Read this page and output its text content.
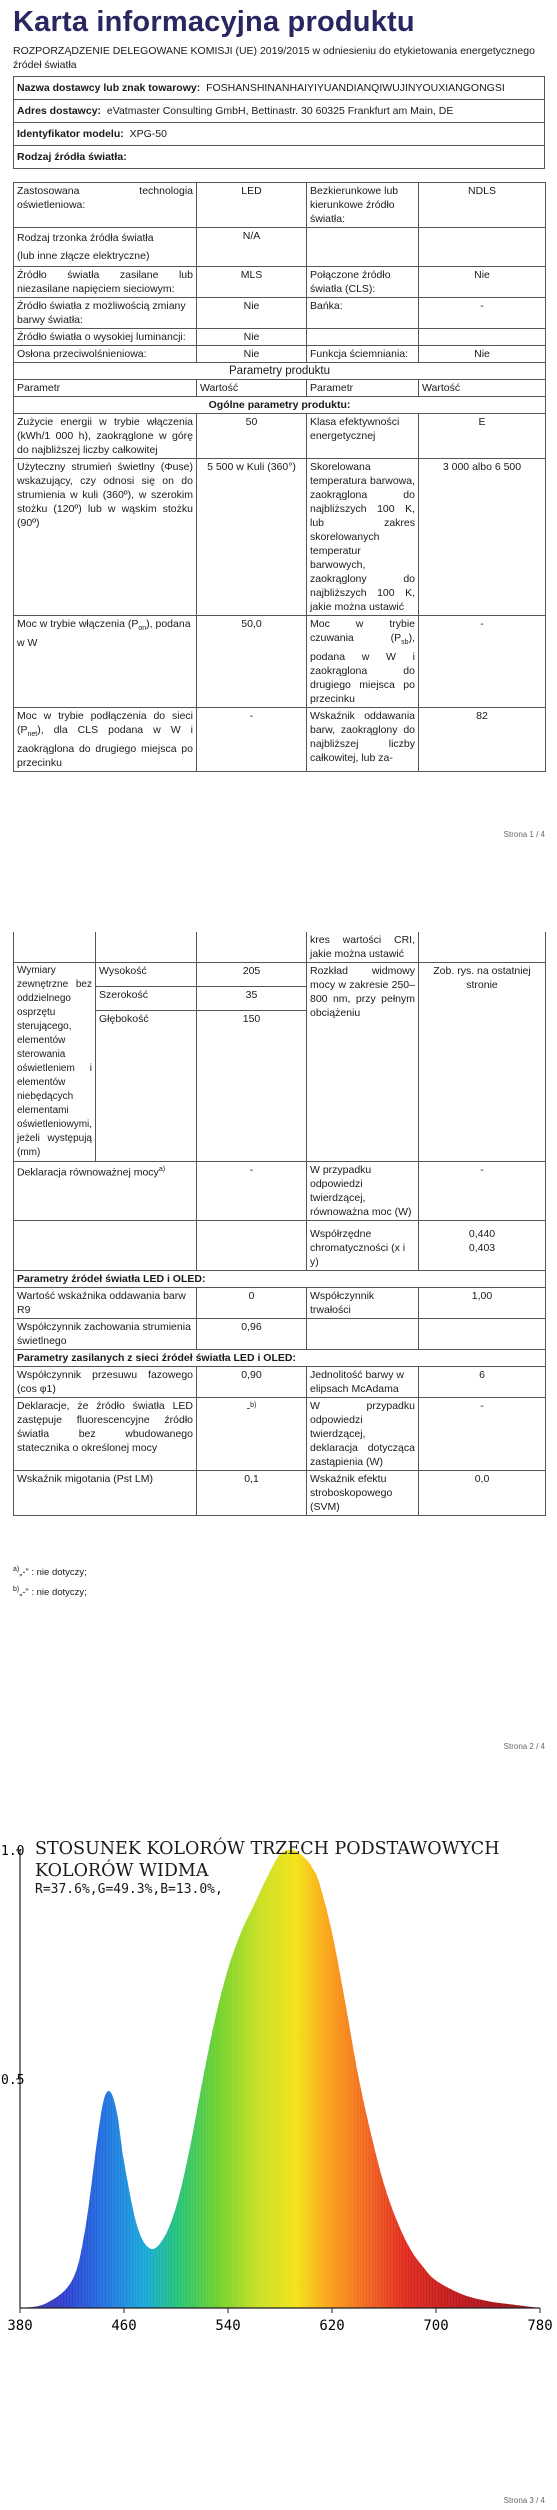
Karta informacyjna produktu
ROZPORZĄDZENIE DELEGOWANE KOMISJI (UE) 2019/2015 w odniesieniu do etykietowania energetycznego źródeł światła
Nazwa dostawcy lub znak towarowy: FOSHANSHINANHAIYIYUANDIANQIWUJINYOUXIANGONGSI
Adres dostawcy: eVatmaster Consulting GmbH, Bettinastr. 30 60325 Frankfurt am Main, DE
Identyfikator modelu: XPG-50
Rodzaj źródła światła:
Zastosowana technologia oświetleniowa:	LED	Bezkierunkowe lub kierunkowe źródło światła:	NDLS

Rodzaj trzonka źródła światła
(lub inne złącze elektryczne)	N/A		
Źródło światła zasilane lub niezasilane napięciem sieciowym:	MLS	Połączone źródło światła (CLS):	Nie
Źródło światła z możliwością zmiany barwy światła:	Nie	Bańka:	-
Źródło światła o wysokiej luminancji:	Nie		
Osłona przeciwolśnieniowa:	Nie	Funkcja ściemniania:	Nie
Parametry produktu			
Parametr	Wartość	Parametr	Wartość
Ogólne parametry produktu:			
Zużycie energii w trybie włączenia (kWh/1 000 h), zaokrąglone w górę do najbliższej liczby całkowitej	50	Klasa efektywności energetycznej	E
Użyteczny strumień świetlny (Φuse) wskazujący, czy odnosi się on do strumienia w kuli (360º), w szerokim stożku (120º) lub w wąskim stożku (90º)	5 500 w Kuli (360°)	Skorelowana temperatura barwowa, zaokrąglona do najbliższych 100 K, lub zakres skorelowanych temperatur barwowych, zaokrąglony do najbliższych 100 K, jakie można ustawić	3 000 albo 6 500
Moc w trybie włączenia $(P_{on})$, podana w W	50,0	Moc w trybie czuwania $(P_{sb})$, podana w W i zaokrąglona do drugiego miejsca po przecinku	-
Moc w trybie podłączenia do sieci $(P_{net})$, dla CLS podana w W i zaokrąglona do drugiego miejsca po przecinku	-	Wskaźnik oddawania barw, zaokrąglony do najbliższej liczby całkowitej, lub za-	82
Strona 1 / 4
			kres wartości CRI, jakie można ustawić	
Wymiary zewnętrzne bez oddzielnego osprzętu sterującego, elementów sterowania oświetleniem i elementów niebędących elementami oświetleniowymi, jeżeli występują (mm)	Wysokość	205	Rozkład widmowy mocy w zakresie 250–800 nm, przy pełnym obciążeniu	Zob. rys. na ostatniej stronie
	Szerokość	35		
	Głębokość	150		
Deklaracja równoważnej mocy$^{a)}$		-	W przypadku odpowiedzi twierdzącej, równoważna moc (W)	-
			Współrzędne chromatyczności (x i y)	0,440
0,403

Parametry źródeł światła LED i OLED:				
Wartość wskaźnika oddawania barw R9		0	Współczynnik trwałości	1,00
Współczynnik zachowania strumienia świetlnego		0,96		
Parametry zasilanych z sieci źródeł światła LED i OLED:				
Współczynnik przesuwu fazowego (cos φ1)		0,90	Jednolitość barwy w elipsach McAdama	6
Deklaracje, że źródło światła LED zastępuje fluorescencyjne źródło światła bez wbudowanego statecznika o określonej mocy		-$^{b)}$	W przypadku odpowiedzi twierdzącej, deklaracja dotycząca zastąpienia (W)	-
Wskaźnik migotania (Pst LM)		0,1	Wskaźnik efektu stroboskopowego (SVM)	0,0
$^{a)}$„-” : nie dotyczy;
$^{b)}$„-” : nie dotyczy;
Strona 2 / 4
380	460	540	620	700	780
0.5
1.0 STOSUNEK KOLORÓW TRZECH PODSTAWOWYCH KOLORÓW WIDMA
R=37.6%,G=49.3%,B=13.0%,
Strona 3 / 4
